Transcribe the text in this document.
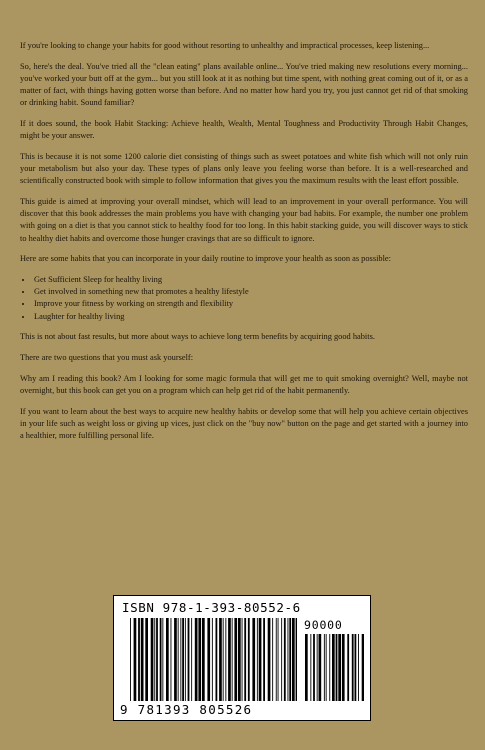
If you're looking to change your habits for good without resorting to unhealthy and impractical processes, keep listening...

So, here's the deal. You've tried all the "clean eating" plans available online... You've tried making new resolutions every morning... you've worked your butt off at the gym... but you still look at it as nothing but time spent, with nothing great coming out of it, or as a matter of fact, with things having gotten worse than before. And no matter how hard you try, you just cannot get rid of that smoking or drinking habit. Sound familiar?

If it does sound, the book Habit Stacking: Achieve health, Wealth, Mental Toughness and Productivity Through Habit Changes, might be your answer.

This is because it is not some 1200 calorie diet consisting of things such as sweet potatoes and white fish which will not only ruin your metabolism but also your day. These types of plans only leave you feeling worse than before. It is a well-researched and scientifically constructed book with simple to follow information that gives you the maximum results with the least effort possible.

This guide is aimed at improving your overall mindset, which will lead to an improvement in your overall performance. You will discover that this book addresses the main problems you have with changing your bad habits. For example, the number one problem with going on a diet is that you cannot stick to healthy food for too long. In this habit stacking guide, you will discover ways to stick to healthy diet habits and overcome those hunger cravings that are so difficult to ignore.

Here are some habits that you can incorporate in your daily routine to improve your health as soon as possible:

• Get Sufficient Sleep for healthy living
• Get involved in something new that promotes a healthy lifestyle
• Improve your fitness by working on strength and flexibility
• Laughter for healthy living

This is not about fast results, but more about ways to achieve long term benefits by acquiring good habits.

There are two questions that you must ask yourself:

Why am I reading this book? Am I looking for some magic formula that will get me to quit smoking overnight? Well, maybe not overnight, but this book can get you on a program which can help get rid of the habit permanently.

If you want to learn about the best ways to acquire new healthy habits or develop some that will help you achieve certain objectives in your life such as weight loss or giving up vices, just click on the "buy now" button on the page and get started with a journey into a healthier, more fulfilling personal life.

ISBN 978-1-393-80552-6
90000
9 781393 805526
